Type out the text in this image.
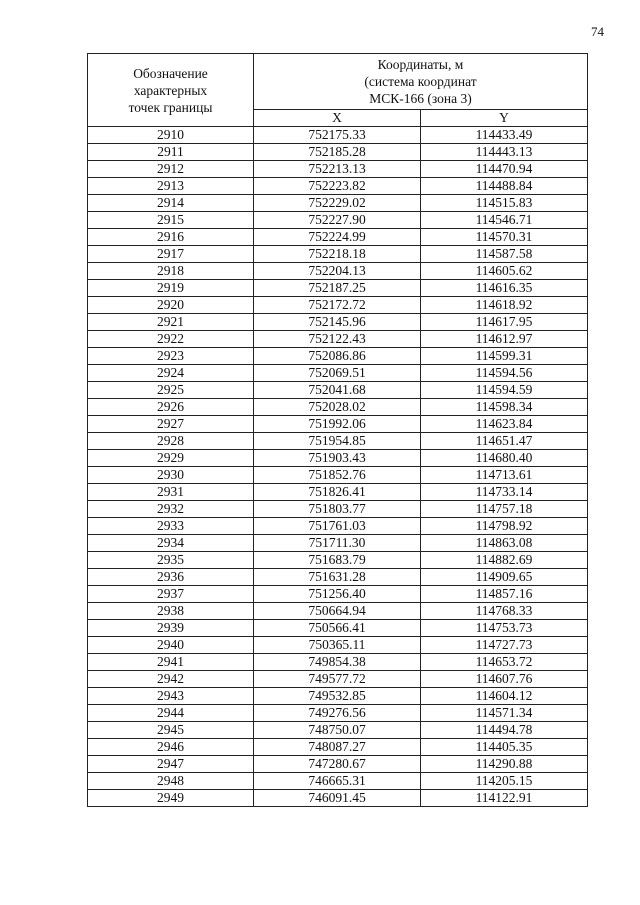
74
Обозначение
характерных
точек границы	Координаты, м
(система координат
МСК-166 (зона 3)	

	X	Y
2910	752175.33	114433.49
2911	752185.28	114443.13
2912	752213.13	114470.94
2913	752223.82	114488.84
2914	752229.02	114515.83
2915	752227.90	114546.71
2916	752224.99	114570.31
2917	752218.18	114587.58
2918	752204.13	114605.62
2919	752187.25	114616.35
2920	752172.72	114618.92
2921	752145.96	114617.95
2922	752122.43	114612.97
2923	752086.86	114599.31
2924	752069.51	114594.56
2925	752041.68	114594.59
2926	752028.02	114598.34
2927	751992.06	114623.84
2928	751954.85	114651.47
2929	751903.43	114680.40
2930	751852.76	114713.61
2931	751826.41	114733.14
2932	751803.77	114757.18
2933	751761.03	114798.92
2934	751711.30	114863.08
2935	751683.79	114882.69
2936	751631.28	114909.65
2937	751256.40	114857.16
2938	750664.94	114768.33
2939	750566.41	114753.73
2940	750365.11	114727.73
2941	749854.38	114653.72
2942	749577.72	114607.76
2943	749532.85	114604.12
2944	749276.56	114571.34
2945	748750.07	114494.78
2946	748087.27	114405.35
2947	747280.67	114290.88
2948	746665.31	114205.15
2949	746091.45	114122.91
